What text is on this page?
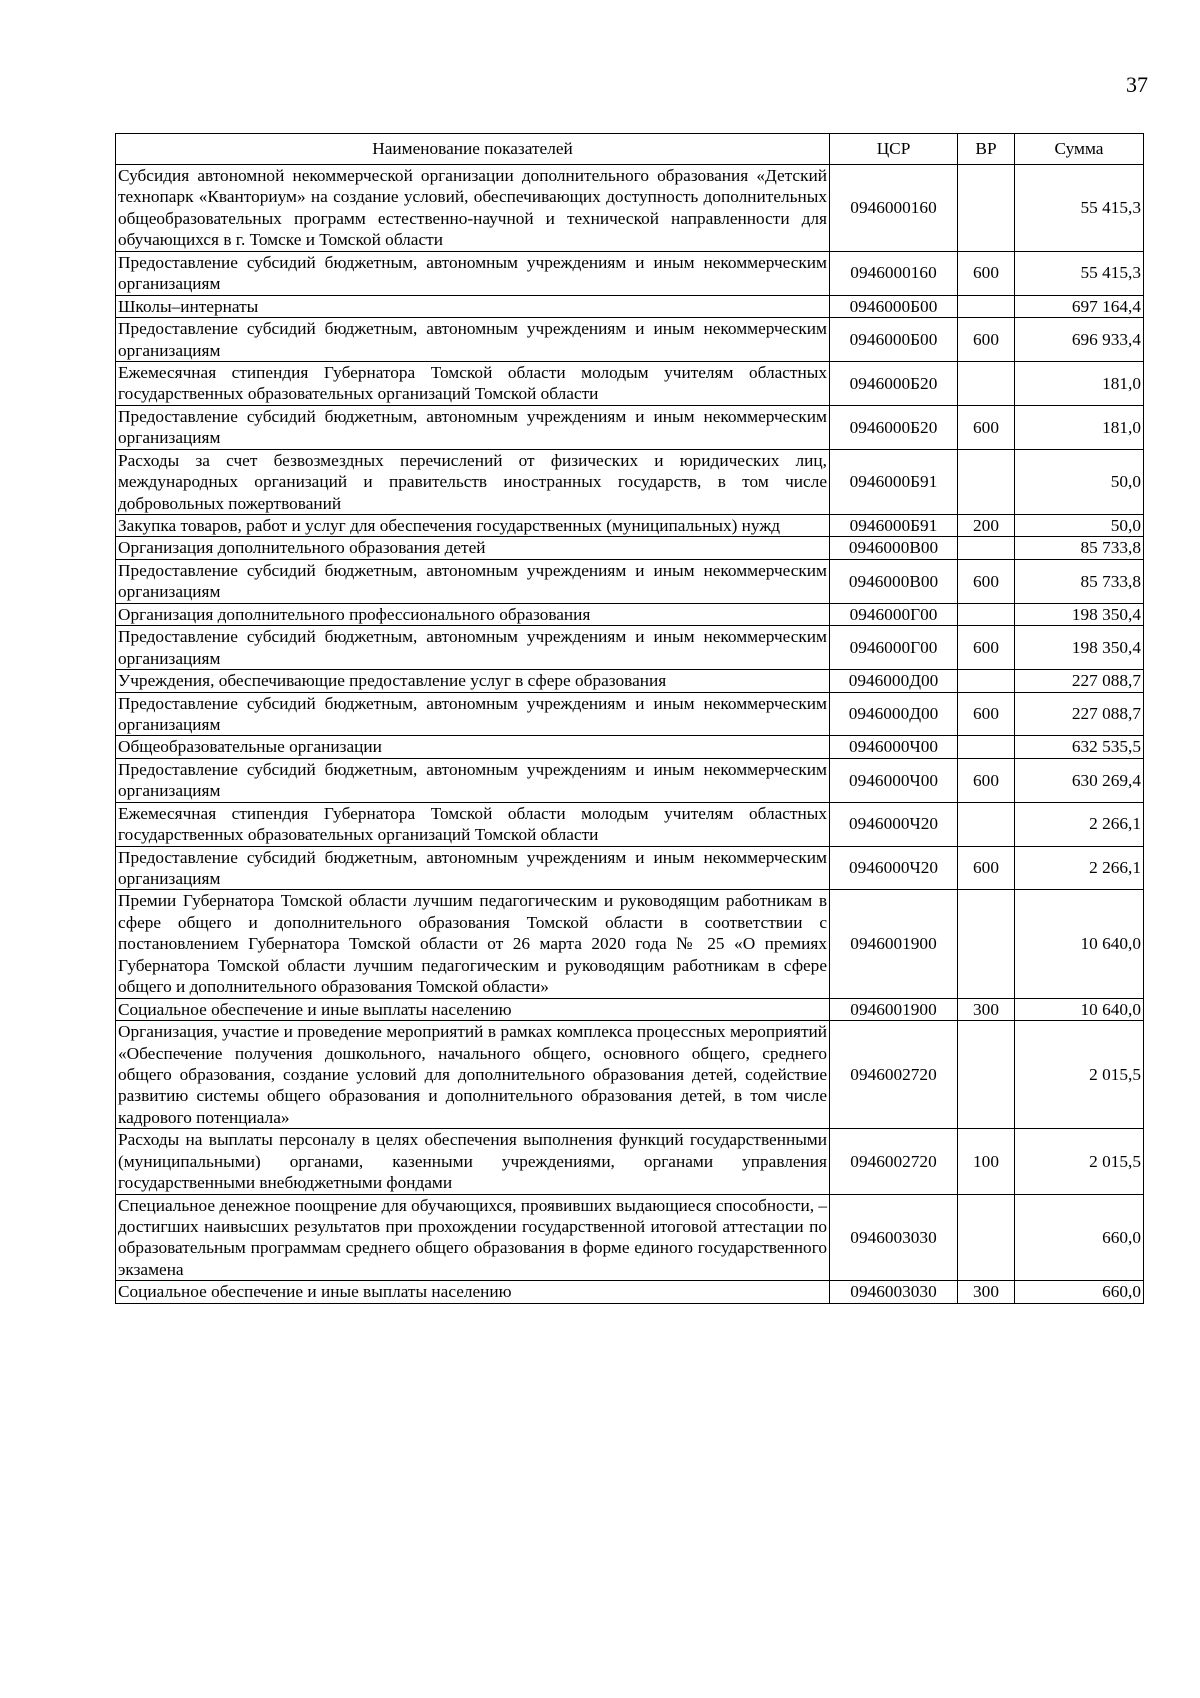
37
Наименование показателей	ЦСР	ВР	Сумма
Субсидия автономной некоммерческой организации дополнительного образования «Детский технопарк «Кванториум» на создание условий, обеспечивающих доступность дополнительных общеобразовательных программ естественно-научной и технической направленности для обучающихся в г. Томске и Томской области	0946000160		55 415,3
Предоставление субсидий бюджетным, автономным учреждениям и иным некоммерческим организациям	0946000160	600	55 415,3
Школы–интернаты	0946000Б00		697 164,4
Предоставление субсидий бюджетным, автономным учреждениям и иным некоммерческим организациям	0946000Б00	600	696 933,4
Ежемесячная стипендия Губернатора Томской области молодым учителям областных государственных образовательных организаций Томской области	0946000Б20		181,0
Предоставление субсидий бюджетным, автономным учреждениям и иным некоммерческим организациям	0946000Б20	600	181,0
Расходы за счет безвозмездных перечислений от физических и юридических лиц, международных организаций и правительств иностранных государств, в том числе добровольных пожертвований	0946000Б91		50,0
Закупка товаров, работ и услуг для обеспечения государственных (муниципальных) нужд	0946000Б91	200	50,0
Организация дополнительного образования детей	0946000В00		85 733,8
Предоставление субсидий бюджетным, автономным учреждениям и иным некоммерческим организациям	0946000В00	600	85 733,8
Организация дополнительного профессионального образования	0946000Г00		198 350,4
Предоставление субсидий бюджетным, автономным учреждениям и иным некоммерческим организациям	0946000Г00	600	198 350,4
Учреждения, обеспечивающие предоставление услуг в сфере образования	0946000Д00		227 088,7
Предоставление субсидий бюджетным, автономным учреждениям и иным некоммерческим организациям	0946000Д00	600	227 088,7
Общеобразовательные организации	0946000Ч00		632 535,5
Предоставление субсидий бюджетным, автономным учреждениям и иным некоммерческим организациям	0946000Ч00	600	630 269,4
Ежемесячная стипендия Губернатора Томской области молодым учителям областных государственных образовательных организаций Томской области	0946000Ч20		2 266,1
Предоставление субсидий бюджетным, автономным учреждениям и иным некоммерческим организациям	0946000Ч20	600	2 266,1
Премии Губернатора Томской области лучшим педагогическим и руководящим работникам в сфере общего и дополнительного образования Томской области в соответствии с постановлением Губернатора Томской области от 26 марта 2020 года № 25 «О премиях Губернатора Томской области лучшим педагогическим и руководящим работникам в сфере общего и дополнительного образования Томской области»	0946001900		10 640,0
Социальное обеспечение и иные выплаты населению	0946001900	300	10 640,0
Организация, участие и проведение мероприятий в рамках комплекса процессных мероприятий «Обеспечение получения дошкольного, начального общего, основного общего, среднего общего образования, создание условий для дополнительного образования детей, содействие развитию системы общего образования и дополнительного образования детей, в том числе кадрового потенциала»	0946002720		2 015,5
Расходы на выплаты персоналу в целях обеспечения выполнения функций государственными (муниципальными) органами, казенными учреждениями, органами управления государственными внебюджетными фондами	0946002720	100	2 015,5
Специальное денежное поощрение для обучающихся, проявивших выдающиеся способности, – достигших наивысших результатов при прохождении государственной итоговой аттестации по образовательным программам среднего общего образования в форме единого государственного экзамена	0946003030		660,0
Социальное обеспечение и иные выплаты населению	0946003030	300	660,0
